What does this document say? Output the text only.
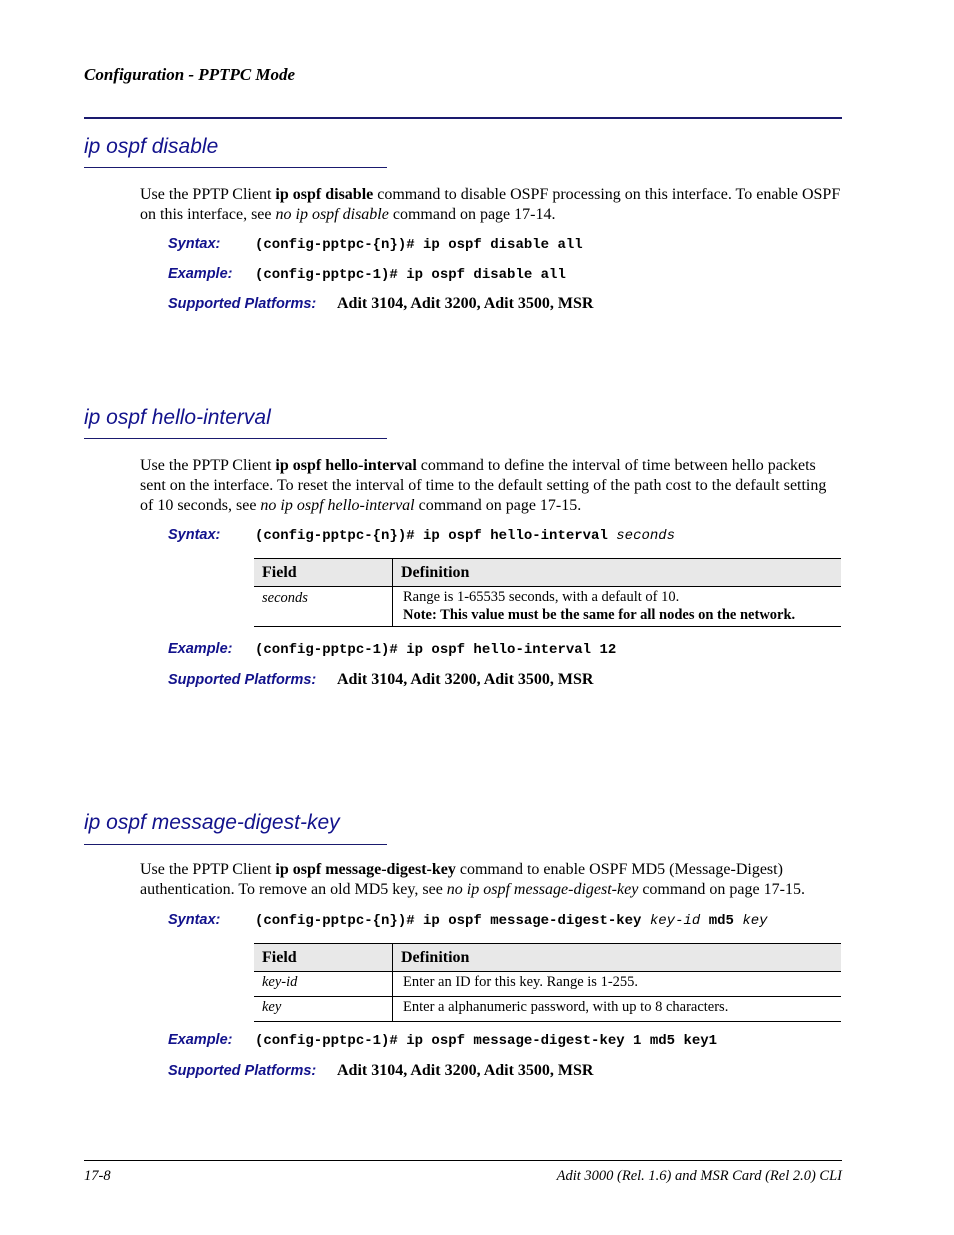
Configuration - PPTPC Mode
ip ospf disable
Use the PPTP Client ip ospf disable command to disable OSPF processing on this interface. To enable OSPF on this interface, see no ip ospf disable command on page 17-14.
Syntax: (config-pptpc-{n})# ip ospf disable all
Example: (config-pptpc-1)# ip ospf disable all
Supported Platforms: Adit 3104, Adit 3200, Adit 3500, MSR
ip ospf hello-interval
Use the PPTP Client ip ospf hello-interval command to define the interval of time between hello packets sent on the interface. To reset the interval of time to the default setting of the path cost to the default setting of 10 seconds, see no ip ospf hello-interval command on page 17-15.
Syntax: (config-pptpc-{n})# ip ospf hello-interval seconds
Field	Definition
seconds	Range is 1-65535 seconds, with a default of 10.
Note: This value must be the same for all nodes on the network.
Example: (config-pptpc-1)# ip ospf hello-interval 12
Supported Platforms: Adit 3104, Adit 3200, Adit 3500, MSR
ip ospf message-digest-key
Use the PPTP Client ip ospf message-digest-key command to enable OSPF MD5 (Message-Digest) authentication. To remove an old MD5 key, see no ip ospf message-digest-key command on page 17-15.
Syntax: (config-pptpc-{n})# ip ospf message-digest-key key-id md5 key
Field	Definition
key-id	Enter an ID for this key. Range is 1-255.
key	Enter a alphanumeric password, with up to 8 characters.
Example: (config-pptpc-1)# ip ospf message-digest-key 1 md5 key1
Supported Platforms: Adit 3104, Adit 3200, Adit 3500, MSR
17-8	Adit 3000 (Rel. 1.6) and MSR Card (Rel 2.0) CLI
